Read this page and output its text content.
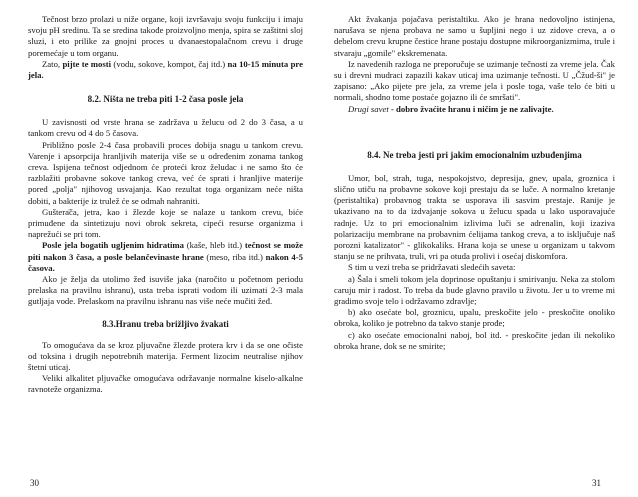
Tečnost brzo prolazi u niže organe, koji izvršavaju svoju funkciju i imaju svoju pH sredinu. Ta se sredina takođe proizvoljno menja, spira se zaštitni sloj sluzi, i eto prilike za gnojni proces u dvanaestopalačnom crevu i druge poremećaje u tom organu.

Zato, pijte te mosti (vodu, sokove, kompot, čaj itd.) na 10-15 minuta pre jela.

8.2. Ništa ne treba piti 1-2 časa posle jela

U zavisnosti od vrste hrana se zadržava u želucu od 2 do 3 časa, a u tankom crevu od 4 do 5 časova.

Približno posle 2-4 časa probavili proces dobija snagu u tankom crevu. Varenje i apsorpcija hranljivih materija više se u određenim zonama tankog creva. Ispijena tečnost odjednom će proteći kroz želudac i ne samo što će razblažiti probavne sokove tankog creva, već će sprati i hranljive materije pored „polja" njihovog usvajanja. Kao rezultat toga organizam neće ništa dobiti, a bakterije iz trulež će se odmah nahraniti.

Guštera̍ča, jetra, kao i žlezde koje se nalaze u tankom crevu, biće primuđene da sintetizuju novi obrok sekreta, cipeći resurse organizma i naprežući se pri tom.

Posle jela bogatih ugljenim hidratima (kaše, hleb itd.) tečnost se može piti nakon 3 časa, a posle belančevinaste hrane (meso, riba itd.) nakon 4-5 časova.

Ako je želja da utolimo žeđ isuviše jaka (naročito u početnom periodu prelaska na pravilnu ishranu), usta treba isprati vodom ili uzimati 2-3 mala gutljaja vode. Prelaskom na pravilnu ishranu nas više neće mučiti žeđ.

8.3.Hranu treba brižljivo žvakati

To omogućava da se kroz pljuvačne žlezde protera krv i da se one očiste od toksina i drugih nepotrebnih materija. Ferment lizocim neutralise njihov štetni uticaj.

Veliki alkalitet pljuvačke omogućava održavanje normalne kiselo-alkalne ravnoteže organizma.

30

Akt žvakanja pojačava peristaltiku. Ako je hrana nedovoljno istinjena, narušava se njena probava ne samo u šupljini nego i uz zidove creva, a o debelom crevu krupne čestice hrane postaju dostupne mikroorganizmima, trule i stvaraju „gomile" ekskremenata.

Iz navedenih razloga ne preporučuje se uzimanje tečnosti za vreme jela. Čak su i drevni mudraci zapazili kakav uticaj ima uzimanje tečnosti. U „Čžud-ši" je zapisano: „Ako pijete pre jela, za vreme jela i posle toga, vaše telo će biti u normali, shodno tome postaće gojazno ili će smršati".

Drugi savet - dobro žvaćite hranu i ničim je ne zalivajte.

8.4. Ne treba jesti pri jakim emocionalnim uzbuđenjima

Umor, bol, strah, tuga, nespokojstvo, depresija, gnev, upala, groznica i slično utiču na probavne sokove koji prestaju da se luče. A normalno kretanje (peristaltika) probavnog trakta se usporava ili sasvim prestaje. Ranije je ukazivano na to da izdvajanje sokova u želucu spada u lako usporavajuće radnje. Uz to pri emocionalnim izlivima luči se adrenalin, koji izaziva polarizaciju membrane na probavnim ćelijama tankog creva, a to isključuje naš porozni katalizator" - glikokaliks. Hrana koja se unese u organizam u takvom stanju se ne prihvata, truli, vri pa otuda prolivi i osećaj diskomfora.

S tim u vezi treba se pridržavati sledećih saveta:

a) Šala i smeli tokom jela doprinose opuštanju i smirivanju. Neka za stolom caruju mir i radost. To treba da bude glavno pravilo u životu. Jer u to vreme mi gradimo svoje telo i održavamo zdravlje;

b) ako osećate bol, groznicu, upalu, preskočite jelo - preskočite onoliko obroka, koliko je potrebno da takvo stanje prođe;

c) ako osećate emocionalni naboj, bol itd. - preskočite jedan ili nekoliko obroka hrane, dok se ne smirite;

31
